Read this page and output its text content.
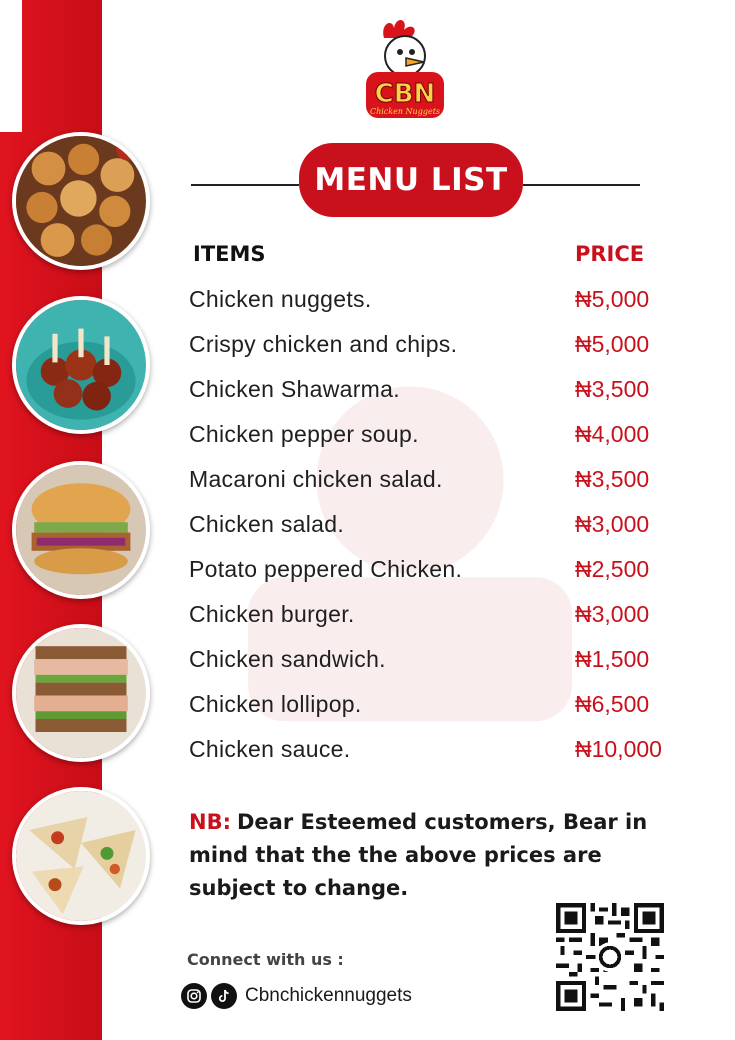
CBN
Chicken Nuggets
MENU LIST
ITEMS	PRICE
Chicken nuggets.	₦5,000
Crispy chicken and chips.	₦5,000
Chicken Shawarma.	₦3,500
Chicken pepper soup.	₦4,000
Macaroni chicken salad.	₦3,500
Chicken salad.	₦3,000
Potato peppered Chicken.	₦2,500
Chicken burger.	₦3,000
Chicken sandwich.	₦1,500
Chicken lollipop.	₦6,500
Chicken sauce.	₦10,000
NB: Dear Esteemed customers, Bear in mind that the the above prices are subject to change.
Connect with us :
Cbnchickennuggets
